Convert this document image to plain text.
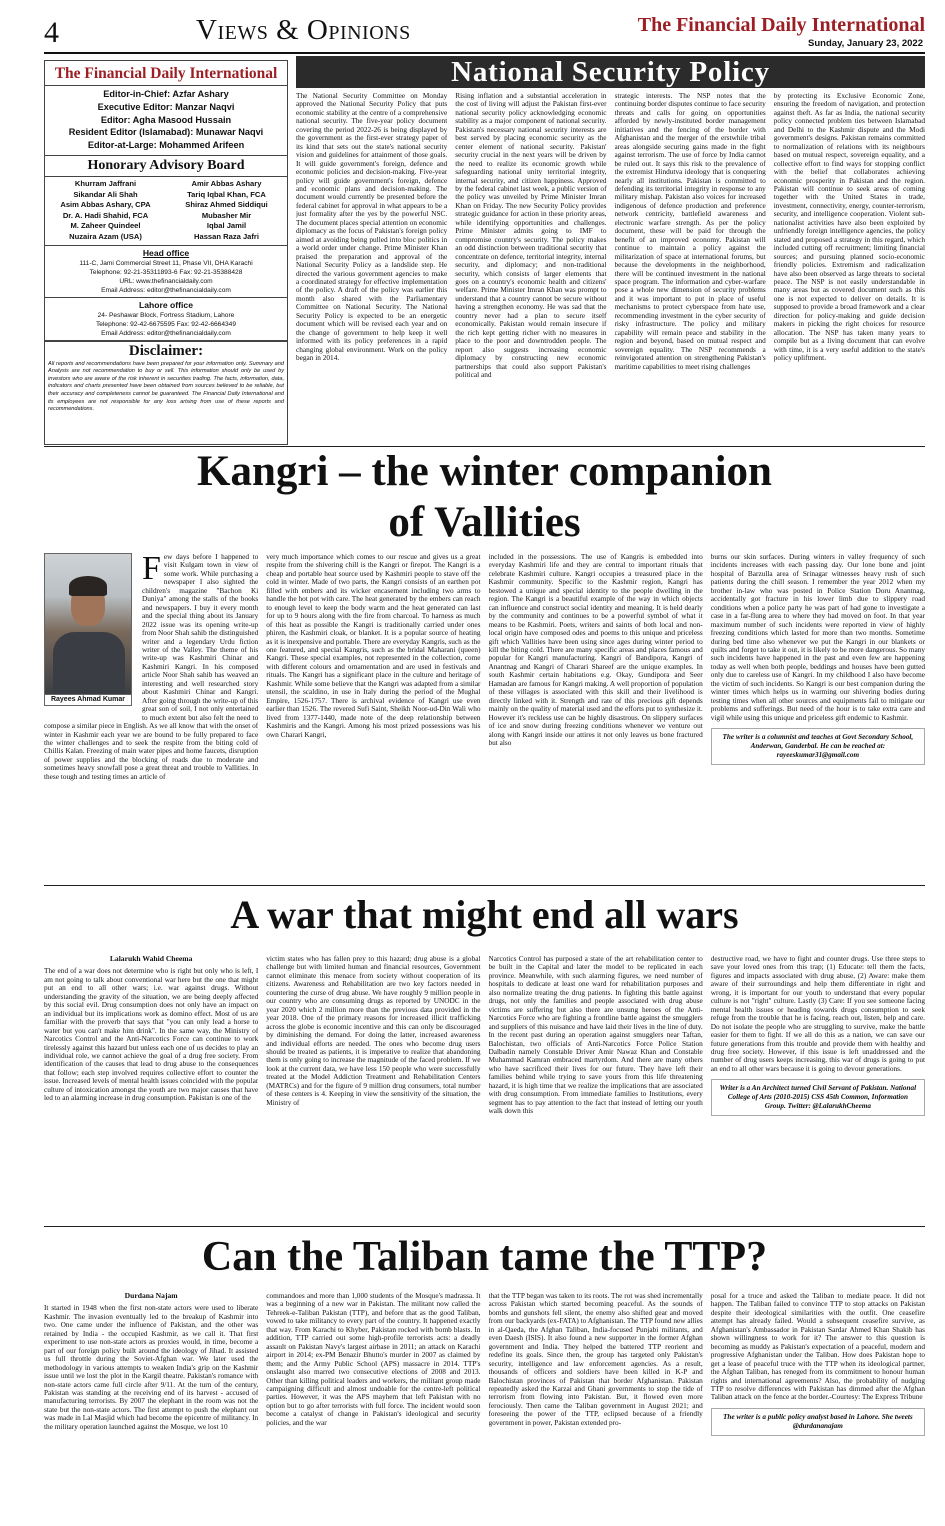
4	Views & Opinions	The Financial Daily International
Sunday, January 23, 2022
The Financial Daily International
Editor-in-Chief: Azfar Ashary
Executive Editor: Manzar Naqvi
Editor: Agha Masood Hussain
Resident Editor (Islamabad): Munawar Naqvi
Editor-at-Large: Mohammed Arifeen
Honorary Advisory Board
Khurram Jaffrani
Sikandar Ali Shah
Asim Abbas Ashary, CPA
Dr. A. Hadi Shahid, FCA
M. Zaheer Quindeel
Nuzaira Azam (USA)
Amir Abbas Ashary
Tariq Iqbal Khan, FCA
Shiraz Ahmed Siddiqui
Mubasher Mir
Iqbal Jamil
Hassan Raza Jafri
Head office
111-C, Jami Commercial Street 11, Phase VII, DHA Karachi
Telephone: 92-21-35311893-6 Fax: 92-21-35388428
URL: www.thefinancialdaily.com
Email Address: editor@thefinancialdaily.com
Lahore office
24- Peshawar Block, Fortress Stadium, Lahore
Telephone: 92-42-6675595 Fax: 92-42-6664349
Email Address: editor@thefinancialdaily.com
Disclaimer:
All reports and recommendations have been prepared for your information only. Summary and Analysis are not recommendation to buy or sell. This information should only be used by investors who are aware of the risk inherent in securities trading. The facts, information, data, indicators and charts presented have been obtained from sources believed to be reliable, but their accuracy and completeness cannot be guaranteed. The Financial Daily International and its employees are not responsible for any loss arising from use of these reports and recommendations.
National Security Policy
The National Security Committee on Monday approved the National Security Policy that puts economic stability at the centre of a comprehensive national security. The five-year policy document covering the period 2022-26 is being displayed by the government as the first-ever strategy paper of its kind that sets out the state's national security vision and guidelines for attainment of those goals. It will guide government's foreign, defence and economic policies and decision-making. Five-year policy will guide government's foreign, defence and economic plans and decision-making. The document would currently be presented before the federal cabinet for approval in what appears to be a just formality after the yes by the powerful NSC. The document places special attention on economic diplomacy as the focus of Pakistan's foreign policy aimed at avoiding being pulled into bloc politics in a world order under change. Prime Minister Khan praised the preparation and approval of the National Security Policy as a landslide step. He directed the various government agencies to make a coordinated strategy for effective implementation of the policy. A draft of the policy was earlier this month also shared with the Parliamentary Committee on National Security. The National Security Policy is expected to be an energetic document which will be revised each year and on the change of government to help keep it well informed with its policy preferences in a rapid changing global environment. Work on the policy began in 2014.
Rising inflation and a substantial acceleration in the cost of living will adjust the Pakistan first-ever national security policy acknowledging economic stability as a major component of national security. Pakistan's necessary national security interests are best served by placing economic security as the center element of national security. Pakistan' security crucial in the next years will be driven by the need to realize its economic growth while safeguarding national unity territorial integrity, internal security, and citizen happiness. Approved by the federal cabinet last week, a public version of the policy was unveiled by Prime Minister Imran Khan on Friday. The new Security Policy provides strategic guidance for action in these priority areas, while identifying opportunities and challenges. Prime Minister admits going to IMF to compromise country's security. The policy makes an odd distinction between traditional security that concentrate on defence, territorial integrity, internal security, and diplomacy; and non-traditional security, which consists of larger elements that goes on a country's economic health and citizens' welfare. Prime Minister Imran Khan was prompt to understand that a country cannot be secure without having a strengthen economy. He was sad that the country never had a plan to secure itself economically. Pakistan would remain insecure if the rich kept getting richer with no measures in place to the poor and downtrodden people. The report also suggests increasing economic diplomacy by constructing new economic partnerships that could also support Pakistan's political and
strategic interests. The NSP notes that the continuing border disputes continue to face security threats and calls for going on opportunities afforded by newly-instituted border management initiatives and the fencing of the border with Afghanistan and the merger of the erstwhile tribal areas alongside securing gains made in the fight against terrorism. The use of force by India cannot be ruled out. It says this risk to the prevalence of the extremist Hindutva ideology that is conquering nearly all institutions. Pakistan is committed to defending its territorial integrity in response to any military mishap. Pakistan also voices for increased indigenous of defence production and preference network centricity, battlefield awareness and electronic warfare strength. As per the policy document, these will be paid for through the benefit of an improved economy. Pakistan will continue to maintain a policy against the militarization of space at international forums, but because the developments in the neighborhood, there will be continued investment in the national space program. The information and cyber-warfare pose a whole new dimension of security problems and it was important to put in place of useful mechanisms to protect cyberspace from hate use, recommending investment in the cyber security of risky infrastructure. The policy and military capability will remain peace and stability in the region and beyond, based on mutual respect and sovereign equality. The NSP recommends a reinvigorated attention on strengthening Pakistan's maritime capabilities to meet rising challenges
by protecting its Exclusive Economic Zone, ensuring the freedom of navigation, and protection against theft. As far as India, the national security policy connected problem ties between Islamabad and Delhi to the Kashmir dispute and the Modi government's designs. Pakistan remains committed to normalization of relations with its neighbours based on mutual respect, sovereign equality, and a collective effort to find ways for stopping conflict with the belief that collaborates achieving economic prosperity in Pakistan and the region. Pakistan will continue to seek areas of coming together with the United States in trade, investment, connectivity, energy, counter-terrorism, security, and intelligence cooperation. Violent sub-nationalist activities have also been exploited by unfriendly foreign intelligence agencies, the policy stated and proposed a strategy in this regard, which included cutting off recruitment; limiting financial sources; and pursuing planned socio-economic friendly policies. Extremism and radicalization have also been observed as large threats to societal peace. The NSP is not easily understandable in many areas but as covered document such as this one is not expected to deliver on details. It is supposed to provide a broad framework and a clear direction for policy-making and guide decision makers in picking the right choices for resource allocation. The NSP has taken many years to compile but as a living document that can evolve with time, it is a very useful addition to the state's policy upliftment.
Kangri – the winter companion
of Vallities
Rayees Ahmad Kumar
F ew days before I happened to visit Kulgam town in view of some work. While purchasing a newspaper I also sighted the children's magazine "Bachon Ki Duniya" among the stalls of the books and newspapers. I buy it every month and the special thing about its January 2022 issue was its opening write-up from Noor Shah sahib the distinguished writer and a legendary Urdu fiction writer of the Valley. The theme of his write-up was Kashmiri Chinar and Kashmiri Kangri. In his composed article Noor Shah sahib has weaved an interesting and well researched story about Kashmiri Chinar and Kangri. After going through the write-up of this great son of soil, I not only entertained to much extent but also felt the need to compose a similar piece in English. As we all know that with the onset of winter in Kashmir each year we are bound to be fully prepared to face the winter challenges and to seek the respite from the biting cold of Chillis Kalan. Freezing of main water pipes and home faucets, disruption of power supplies and the blocking of roads due to moderate and sometimes heavy snowfall pose a great threat and trouble to Vallities. In these tough and testing times an article of
very much importance which comes to our rescue and gives us a great respite from the shivering chill is the Kangri or firepot. The Kangri is a cheap and portable heat source used by Kashmiri people to stave off the cold in winter. Made of two parts, the Kangri consists of an earthen pot filled with embers and its wicker encasement including two arms to handle the hot pot with care. The heat generated by the embers can reach to enough level to keep the body warm and the heat generated can last for up to 9 hours along with the fire from charcoal. To harness as much of this heat as possible the Kangri is traditionally carried under ones phiren, the Kashmiri cloak, or blanket. It is a popular source of heating as it is inexpensive and portable. There are everyday Kangris, such as the one featured, and special Kangris, such as the bridal Maharani (queen) Kangri. These special examples, not represented in the collection, come with different colours and ornamentation and are used in festivals and rituals. The Kangri has a significant place in the culture and heritage of Kashmir. While some believe that the Kangri was adapted from a similar utensil, the scaldino, in use in Italy during the period of the Mughal Empire, 1526-1757. There is archival evidence of Kangri use even earlier than 1526. The revered Sufi Saint, Sheikh Noor-ud-Din Wali who lived from 1377-1440, made note of the deep relationship between Kashmiris and the Kangri. Among his most prized possessions was his own Charari Kangri,
included in the possessions. The use of Kangris is embedded into everyday Kashmiri life and they are central to important rituals that celebrate Kashmiri culture. Kangri occupies a treasured place in the Kashmir community. Specific to the Kashmir region, Kangri has bestowed a unique and special identity to the people dwelling in the region. The Kangri is a beautiful example of the way in which objects can influence and construct social identity and meaning. It is held dearly by the community and continues to be a powerful symbol of what it means to be Kashmiri. Poets, writers and saints of both local and non-local origin have composed odes and poems to this unique and priceless gift which Vallities have been using since ages during winter period to kill the biting cold. There are many specific areas and places famous and popular for Kangri manufacturing. Kangri of Bandipora, Kangri of Anantnag and Kangri of Charari Shareef are the unique examples. In south Kashmir certain habitations e.g. Okay, Gundipora and Seer Hamadan are famous for Kangri making. A well proportion of population of these villages is associated with this skill and their livelihood is directly linked with it. Strength and rate of this precious gift depends mainly on the quality of material used and the efforts put to synthesize it. However it's reckless use can be highly disastrous. On slippery surfaces of ice and snow during freezing conditions whenever we venture out along with Kangri inside our attires it not only leaves us bone fractured but also
burns our skin surfaces. During winters in valley frequency of such incidents increases with each passing day. Our lone bone and joint hospital of Barzulla area of Srinagar witnesses heavy rush of such patients during the chill season. I remember the year 2012 when my brother in-law who was posted in Police Station Doru Anantnag, accidentally got fracture in his lower limb due to slippery road conditions when a police party he was part of had gone to investigate a case in a far-flung area to where they had moved on foot. In that year maximum number of such incidents were reported in view of highly freezing conditions which lasted for more than two months. Sometime during bed time also whenever we put the Kangri in our blankets or quilts and forget to take it out, it is likely to be more dangerous. So many such incidents have happened in the past and even few are happening today as well when both people, beddings and houses have been gutted only due to careless use of Kangri. In my childhood I also have become the victim of such incidents. So Kangri is our best companion during the winter times which helps us in warming our shivering bodies during testing times when all other sources and equipments fail to mitigate our problems and sufferings. But need of the hour is to take extra care and vigil while using this unique and priceless gift endemic to Kashmir.
The writer is a columnist and teaches at Govt Secondary School, Anderwan, Ganderbal. He can be reached at: rayeeskumar31@gmail.com
A war that might end all wars
Lalarukh Wahid Cheema
The end of a war does not determine who is right but only who is left, I am not going to talk about conventional war here but the one that might put an end to all other wars; i.e. war against drugs. Without understanding the gravity of the situation, we are being deeply affected by this social evil. Drug consumption does not only have an impact on an individual but its implications work as domino effect. Most of us are familiar with the proverb that says that "you can only lead a horse to water but you can't make him drink". In the same way, the Ministry of Narcotics Control and the Anti-Narcotics Force can continue to work tirelessly against this hazard but unless each one of us decides to play an individual role, we cannot achieve the goal of a drug free society. From identification of the causes that lead to drug abuse to the consequences that follow; each step involved requires collective effort to counter the issue. Increased levels of mental health issues coincided with the popular culture of intoxication amongst the youth are two major causes that have led to an alarming increase in drug consumption. Pakistan is one of the
victim states who has fallen prey to this hazard; drug abuse is a global challenge but with limited human and financial resources, Government cannot eliminate this menace from society without cooperation of its citizens. Awareness and Rehabilitation are two key factors needed in countering the curse of drug abuse. We have roughly 9 million people in our country who are consuming drugs as reported by UNODC in the year 2020 which 2 million more than the previous data provided in the year 2018. One of the primary reasons for increased illicit trafficking across the globe is economic incentive and this can only be discouraged by diminishing the demand. For doing the latter, increased awareness and individual efforts are needed. The ones who become drug users should be treated as patients, it is imperative to realize that abandoning them is only going to increase the magnitude of the faced problem. If we look at the current data, we have less 150 people who were successfully treated at the Model Addiction Treatment and Rehabilitation Centers (MATRCs) and for the figure of 9 million drug consumers, total number of these centers is 4. Keeping in view the sensitivity of the situation, the Ministry of
Narcotics Control has purposed a state of the art rehabilitation center to be built in the Capital and later the model to be replicated in each province. Meanwhile, with such alarming figures, we need number of hospitals to dedicate at least one ward for rehabilitation purposes and also normalize treating the drug patients. In fighting this battle against drugs, not only the families and people associated with drug abuse victims are suffering but also there are unsung heroes of the Anti-Narcotics Force who are fighting a frontline battle against the smugglers and suppliers of this nuisance and have laid their lives in the line of duty. In the recent past during an operation against smugglers near Taftan, Balochistan, two officials of Anti-Narcotics Force Police Station Dalbadin namely Constable Driver Amir Nawaz Khan and Constable Muhammad Kamran embraced martyrdom. And there are many others who have sacrificed their lives for our future. They have left their families behind while trying to save yours from this life threatening hazard, it is high time that we realize the implications that are associated with drug consumption. From immediate families to Institutions, every segment has to pay attention to the fact that instead of letting our youth walk down this
destructive road, we have to fight and counter drugs. Use three steps to save your loved ones from this trap; (1) Educate: tell them the facts, figures and impacts associated with drug abuse, (2) Aware: make them aware of their surroundings and help them differentiate in right and wrong, it is important for our youth to understand that every popular culture is not "right" culture. Lastly (3) Care: If you see someone facing mental health issues or heading towards drugs consumption to seek refuge from the trouble that he is facing, reach out, listen, help and care. Do not isolate the people who are struggling to survive, make the battle easier for them to fight. If we all do this as a nation, we can save our future generations from this trouble and provide them with healthy and drug free society. However, if this issue is left unaddressed and the number of drug users keeps increasing, this war of drugs is going to put an end to all other wars because it is going to devour generations.
Writer is a An Architect turned Civil Servant of Pakistan. National College of Arts (2010-2015) CSS 45th Common, Information Group. Twitter: @LalarukhCheema
Can the Taliban tame the TTP?
Durdana Najam
It started in 1948 when the first non-state actors were used to liberate Kashmir. The invasion eventually led to the breakup of Kashmir into two. One came under the influence of Pakistan, and the other was retained by India - the occupied Kashmir, as we call it. That first experiment to use non-state actors as proxies would, in time, become a part of our foreign policy built around the ideology of Jihad. It assisted us full throttle during the Soviet-Afghan war. We later used the methodology in various attempts to weaken India's grip on the Kashmir issue until we lost the plot in the Kargil theatre. Pakistan's romance with non-state actors came full circle after 9/11. At the turn of the century, Pakistan was standing at the receiving end of its harvest - accused of manufacturing terrorists. By 2007 the elephant in the room was not the state but the non-state actors. The first attempt to push the elephant out was made in Lal Masjid which had become the epicentre of militancy. In the military operation launched against the Mosque, we lost 10
commandoes and more than 1,000 students of the Mosque's madrassa. It was a beginning of a new war in Pakistan. The militant now called the Tehreek-e-Taliban Pakistan (TTP), and before that as the good Taliban, vowed to take militancy to every part of the country. It happened exactly that way. From Karachi to Khyber, Pakistan rocked with bomb blasts. In addition, TTP carried out some high-profile terrorists acts: a deadly assault on Pakistan Navy's largest airbase in 2011; an attack on Karachi airport in 2014; ex-PM Benazir Bhutto's murder in 2007 as claimed by them; and the Army Public School (APS) massacre in 2014. TTP's onslaught also marred two consecutive elections of 2008 and 2013. Other than killing political leaders and workers, the militant group made campaigning difficult and almost undoable for the centre-left political parties. However, it was the APS mayhem that left Pakistan with no option but to go after terrorists with full force. The incident would soon become a catalyst of change in Pakistan's ideological and security policies, and the war
that the TTP began was taken to its roots. The rot was shed incrementally across Pakistan which started becoming peaceful. As the sounds of bombs and gunshots fell silent, the enemy also shifted gear and moved from our backyards (ex-FATA) to Afghanistan. The TTP found new allies in al-Qaeda, the Afghan Taliban, India-focused Punjabi militants, and even Daesh (ISIS). It also found a new supporter in the former Afghan government and India. They helped the battered TTP reorient and redefine its goals. Since then, the group has targeted only Pakistan's security, intelligence and law enforcement agencies. As a result, thousands of officers and soldiers have been killed in K-P and Balochistan provinces of Pakistan that border Afghanistan. Pakistan repeatedly asked the Karzai and Ghani governments to stop the tide of terrorism from flowing into Pakistan. But, it flowed even more ferociously. Then came the Taliban government in August 2021; and foreseeing the power of the TTP, eclipsed because of a friendly government in power, Pakistan extended pro-
posal for a truce and asked the Taliban to mediate peace. It did not happen. The Taliban failed to convince TTP to stop attacks on Pakistan despite their ideological similarities with the outfit. One ceasefire attempt has already failed. Would a subsequent ceasefire survive, as Afghanistan's Ambassador in Pakistan Sardar Ahmed Khan Shakib has shown willingness to work for it? The answer to this question is becoming as muddy as Pakistan's expectation of a peaceful, modern and progressive Afghanistan under the Taliban. How does Pakistan hope to get a lease of peaceful truce with the TTP when its ideological partner, the Afghan Taliban, has reneged from its commitment to honour human rights and international agreements? Also, the probability of nudging TTP to resolve differences with Pakistan has dimmed after the Afghan Taliban attack on the fence at the border.-Courtesy: The Express Tribune
The writer is a public policy analyst based in Lahore. She tweets @durdananajam
